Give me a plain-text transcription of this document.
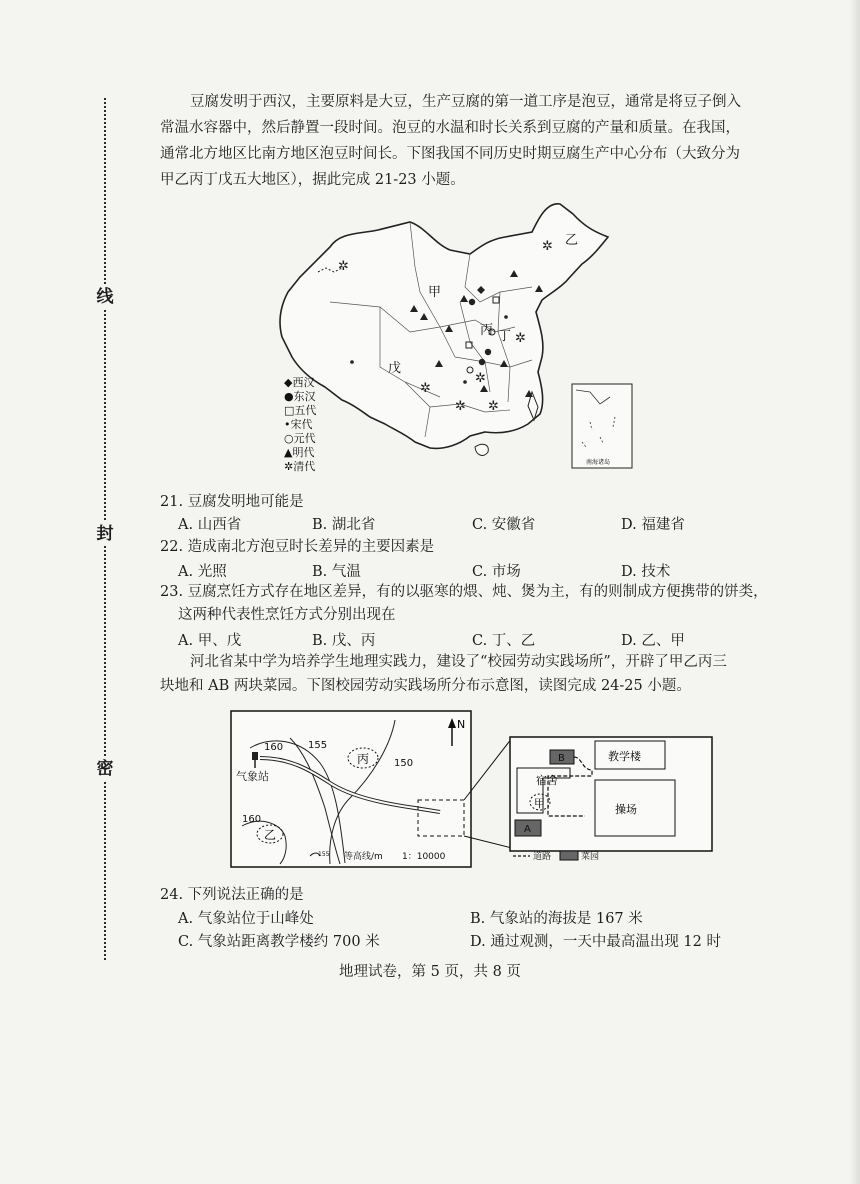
线
封
密
豆腐发明于西汉，主要原料是大豆，生产豆腐的第一道工序是泡豆，通常是将豆子倒入
常温水容器中，然后静置一段时间。泡豆的水温和时长关系到豆腐的产量和质量。在我国，
通常北方地区比南方地区泡豆时间长。下图我国不同历史时期豆腐生产中心分布（大致分为
甲乙丙丁戊五大地区），据此完成 21-23 小题。
✲
✲
✲ ✲
✲
✲
✲
甲
乙
丙 丁
戊
◆西汉
●东汉
□五代
•宋代
○元代
▲明代
✲清代	南海诸岛
21. 豆腐发明地可能是
A. 山西省	B. 湖北省	C. 安徽省	D. 福建省
22. 造成南北方泡豆时长差异的主要因素是
A. 光照	B. 气温	C. 市场	D. 技术
23. 豆腐烹饪方式存在地区差异，有的以驱寒的煨、炖、煲为主，有的则制成方便携带的饼类，
这两种代表性烹饪方式分别出现在
A. 甲、戊	B. 戊、丙	C. 丁、乙	D. 乙、甲
河北省某中学为培养学生地理实践力，建设了“校园劳动实践场所”，开辟了甲乙丙三
块地和 AB 两块菜园。下图校园劳动实践场所分布示意图，读图完成 24-25 小题。
160 155
150
160
气象站
丙
乙
N
155 等高线/m 1：10000
教学楼
宿舍
操场
甲
B
A
道路	菜园
24. 下列说法正确的是
A. 气象站位于山峰处	B. 气象站的海拔是 167 米
C. 气象站距离教学楼约 700 米	D. 通过观测，一天中最高温出现 12 时
地理试卷，第 5 页，共 8 页
